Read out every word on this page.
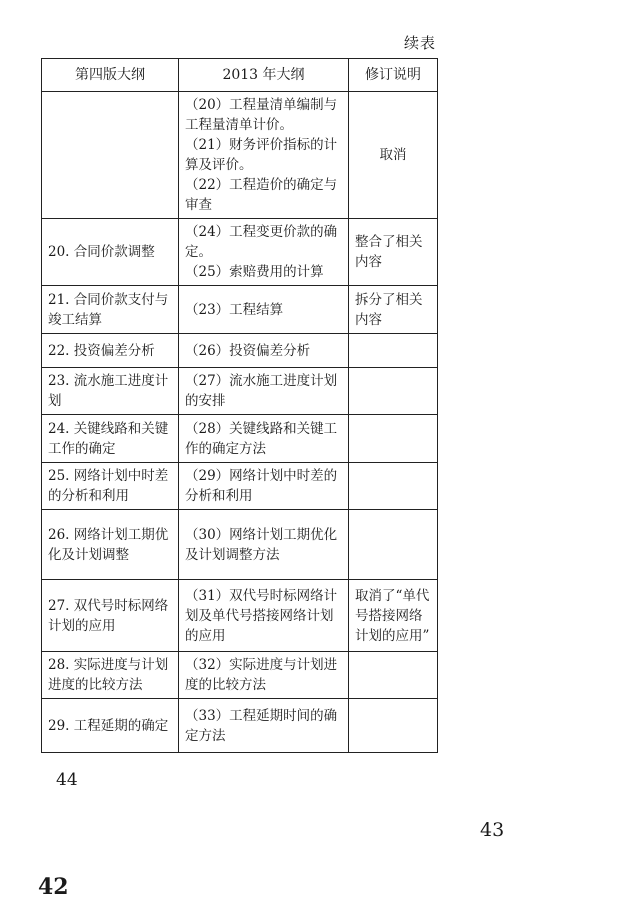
续表
第四版大纲	2013 年大纲	修订说明

	（20）工程量清单编制与工程量清单计价。
（21）财务评价指标的计算及评价。
（22）工程造价的确定与审查	取消
20. 合同价款调整	（24）工程变更价款的确定。
（25）索赔费用的计算	整合了相关内容
21. 合同价款支付与竣工结算	（23）工程结算	拆分了相关内容
22. 投资偏差分析	（26）投资偏差分析	

23. 流水施工进度计划	（27）流水施工进度计划的安排	

24. 关键线路和关键工作的确定	（28）关键线路和关键工作的确定方法	

25. 网络计划中时差的分析和利用	（29）网络计划中时差的分析和利用	

26. 网络计划工期优化及计划调整	（30）网络计划工期优化及计划调整方法	

27. 双代号时标网络计划的应用	（31）双代号时标网络计划及单代号搭接网络计划的应用	取消了“单代号搭接网络计划的应用”
28. 实际进度与计划进度的比较方法	（32）实际进度与计划进度的比较方法	

29. 工程延期的确定	（33）工程延期时间的确定方法	

44
43
42
